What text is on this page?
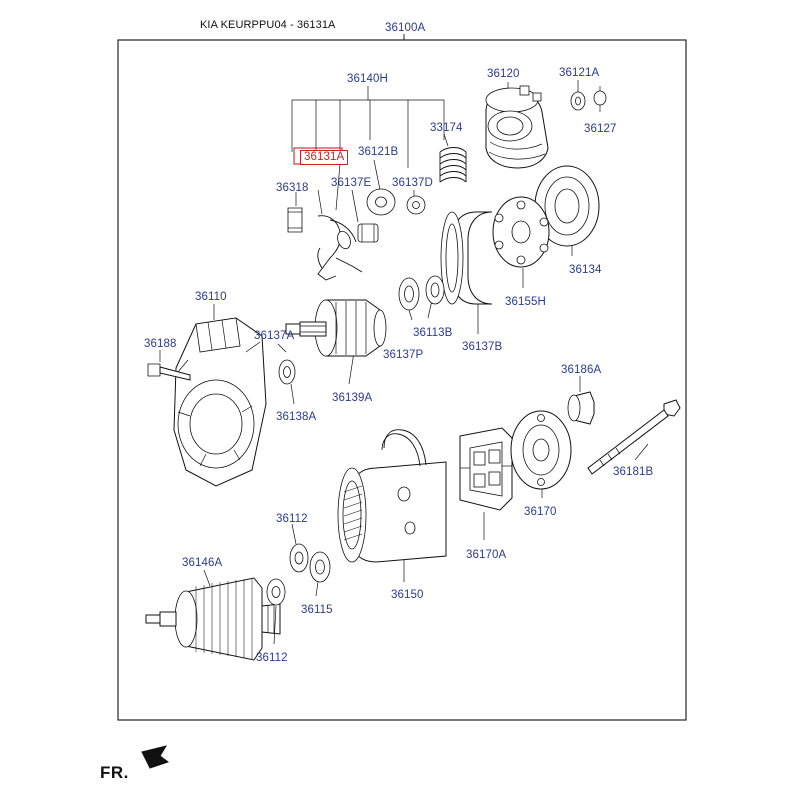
KIA KEURPPU04 - 36131A	36100A
36140H	36120	36121A
36127
33174
36121B
36131A
36318 36137E 36137D
36134
36155H
36110
36188
36137A	36113B
36137B
36137P
36139A
36138A
36186A
36181B
36170
36170A
36112
36115
36150
36146A
36112
FR.
